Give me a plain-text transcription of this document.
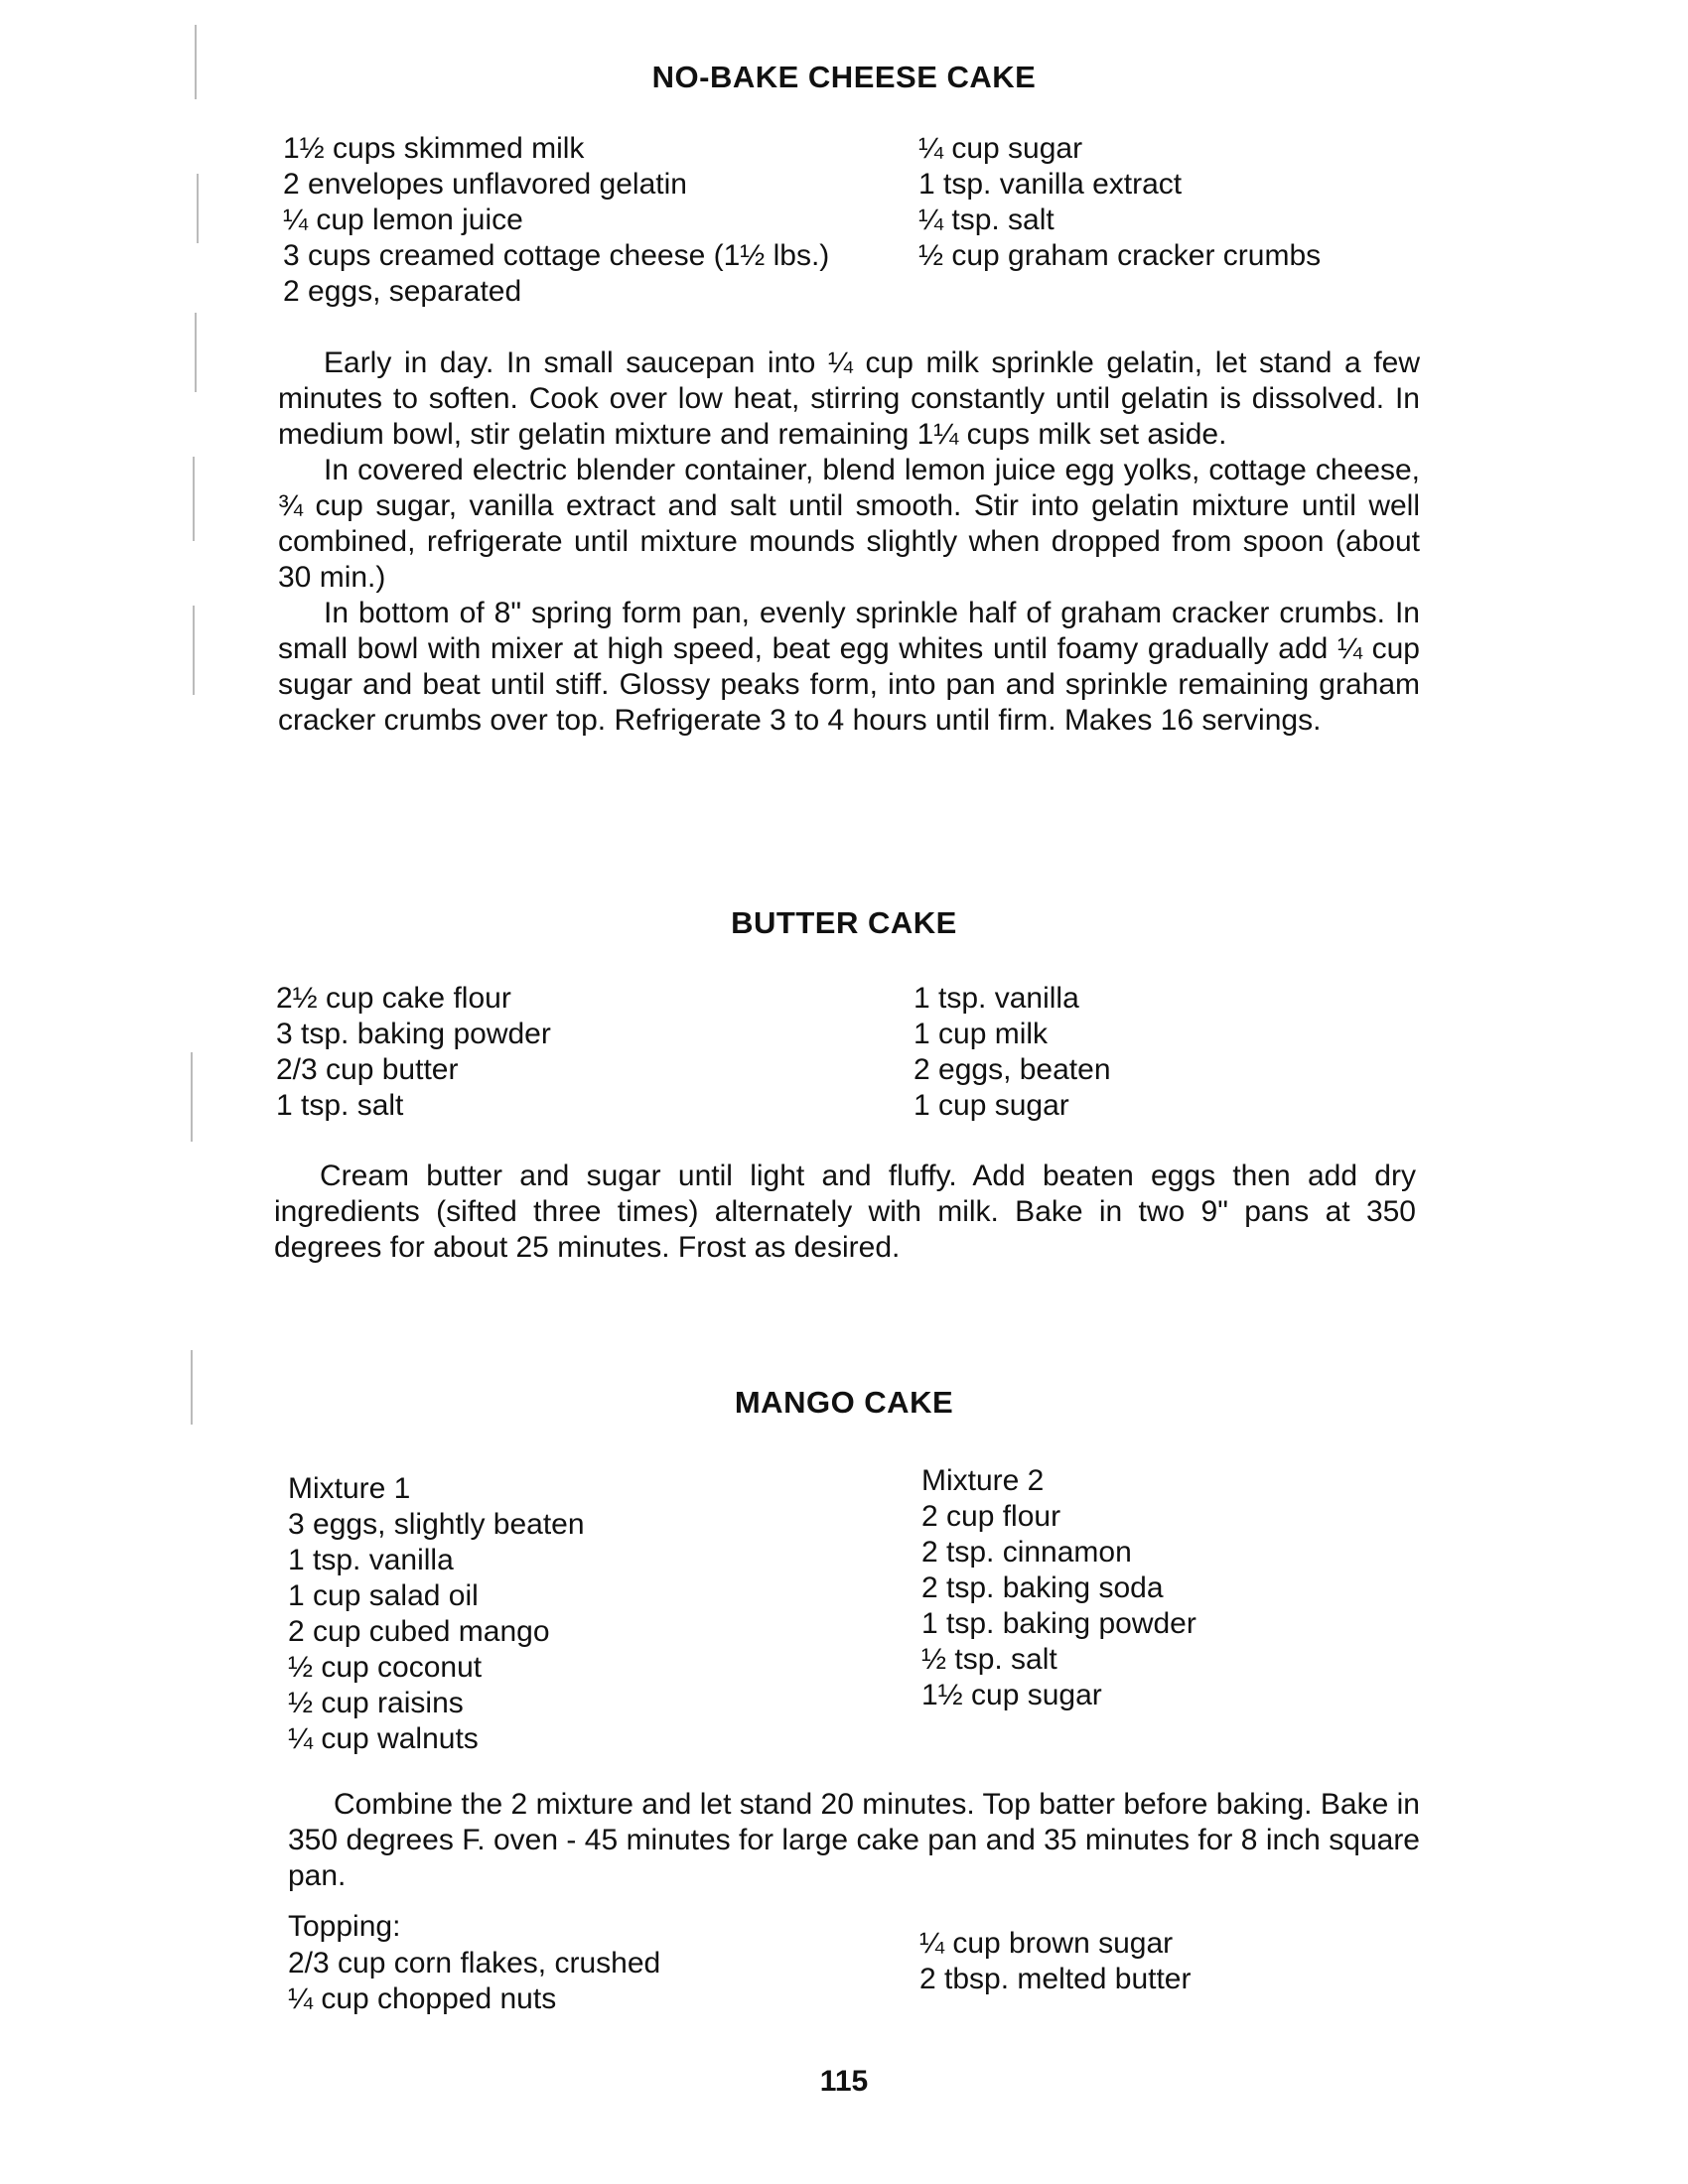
NO-BAKE CHEESE CAKE
1½ cups skimmed milk
2 envelopes unflavored gelatin
¼ cup lemon juice
3 cups creamed cottage cheese (1½ lbs.)
2 eggs, separated
¼ cup sugar
1 tsp. vanilla extract
¼ tsp. salt
½ cup graham cracker crumbs

Early in day. In small saucepan into ¼ cup milk sprinkle gelatin, let stand a few minutes to soften. Cook over low heat, stirring constantly until gelatin is dissolved. In medium bowl, stir gelatin mixture and remaining 1¼ cups milk set aside.

In covered electric blender container, blend lemon juice egg yolks, cottage cheese, ¾ cup sugar, vanilla extract and salt until smooth. Stir into gelatin mixture until well combined, refrigerate until mixture mounds slightly when dropped from spoon (about 30 min.)

In bottom of 8" spring form pan, evenly sprinkle half of graham cracker crumbs. In small bowl with mixer at high speed, beat egg whites until foamy gradually add ¼ cup sugar and beat until stiff. Glossy peaks form, into pan and sprinkle remaining graham cracker crumbs over top. Refrigerate 3 to 4 hours until firm. Makes 16 servings.

BUTTER CAKE
2½ cup cake flour
3 tsp. baking powder
2/3 cup butter
1 tsp. salt
1 tsp. vanilla
1 cup milk
2 eggs, beaten
1 cup sugar

Cream butter and sugar until light and fluffy. Add beaten eggs then add dry ingredients (sifted three times) alternately with milk. Bake in two 9" pans at 350 degrees for about 25 minutes. Frost as desired.

MANGO CAKE
Mixture 1
3 eggs, slightly beaten
1 tsp. vanilla
1 cup salad oil
2 cup cubed mango
½ cup coconut
½ cup raisins
¼ cup walnuts
Mixture 2
2 cup flour
2 tsp. cinnamon
2 tsp. baking soda
1 tsp. baking powder
½ tsp. salt
1½ cup sugar

Combine the 2 mixture and let stand 20 minutes. Top batter before baking. Bake in 350 degrees F. oven - 45 minutes for large cake pan and 35 minutes for 8 inch square pan.

Topping:
2/3 cup corn flakes, crushed
¼ cup chopped nuts
¼ cup brown sugar
2 tbsp. melted butter
115
